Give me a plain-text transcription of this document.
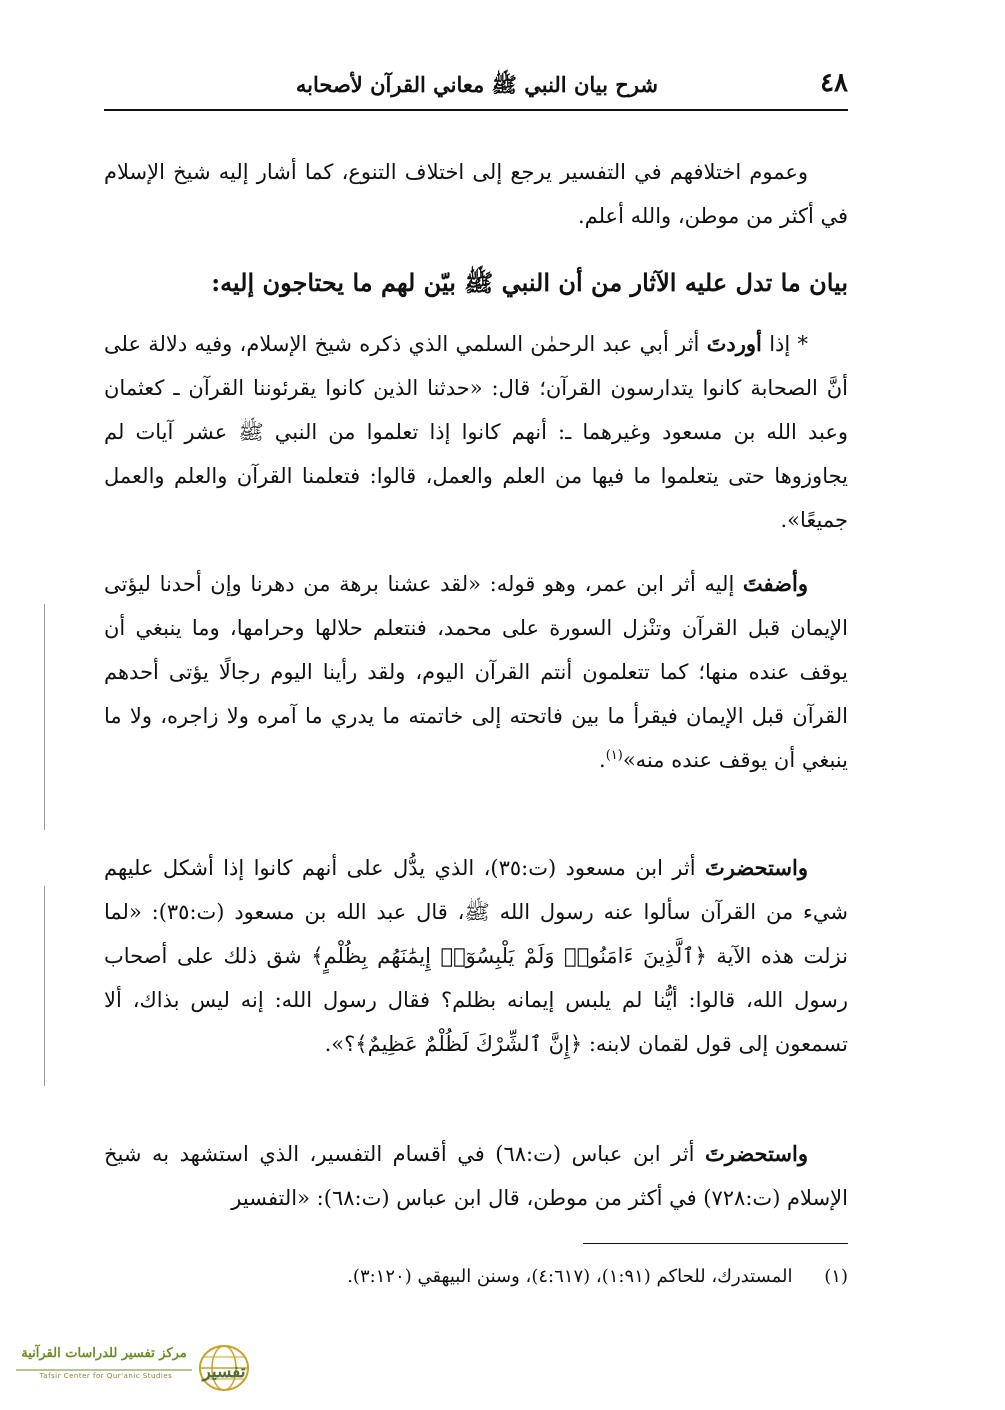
٤٨
شرح بيان النبي ﷺ معاني القرآن لأصحابه

وعموم اختلافهم في التفسير يرجع إلى اختلاف التنوع، كما أشار إليه شيخ الإسلام في أكثر من موطن، والله أعلم.

بيان ما تدل عليه الآثار من أن النبي ﷺ بيّن لهم ما يحتاجون إليه:

* إذا أوردتَ أثر أبي عبد الرحمٰن السلمي الذي ذكره شيخ الإسلام، وفيه دلالة على أنَّ الصحابة كانوا يتدارسون القرآن؛ قال: «حدثنا الذين كانوا يقرئوننا القرآن ـ كعثمان وعبد الله بن مسعود وغيرهما ـ: أنهم كانوا إذا تعلموا من النبي ﷺ عشر آيات لم يجاوزوها حتى يتعلموا ما فيها من العلم والعمل، قالوا: فتعلمنا القرآن والعلم والعمل جميعًا».

وأضفتَ إليه أثر ابن عمر، وهو قوله: «لقد عشنا برهة من دهرنا وإن أحدنا ليؤتى الإيمان قبل القرآن وتنْزل السورة على محمد، فنتعلم حلالها وحرامها، وما ينبغي أن يوقف عنده منها؛ كما تتعلمون أنتم القرآن اليوم، ولقد رأينا اليوم رجالًا يؤتى أحدهم القرآن قبل الإيمان فيقرأ ما بين فاتحته إلى خاتمته ما يدري ما آمره ولا زاجره، ولا ما ينبغي أن يوقف عنده منه»$^{(١)}$.

واستحضرتَ أثر ابن مسعود (ت:٣٥)، الذي يدُّل على أنهم كانوا إذا أشكل عليهم شيء من القرآن سألوا عنه رسول الله ﷺ، قال عبد الله بن مسعود (ت:٣٥): «لما نزلت هذه الآية ﴿ٱلَّذِينَ ءَامَنُوا۟ وَلَمْ يَلْبِسُوٓا۟ إِيمَٰنَهُم بِظُلْمٍ﴾ شق ذلك على أصحاب رسول الله، قالوا: أيُّنا لم يلبس إيمانه بظلم؟ فقال رسول الله: إنه ليس بذاك، ألا تسمعون إلى قول لقمان لابنه: ﴿إِنَّ ٱلشِّرْكَ لَظُلْمٌ عَظِيمٌ﴾؟».

واستحضرتَ أثر ابن عباس (ت:٦٨) في أقسام التفسير، الذي استشهد به شيخ الإسلام (ت:٧٢٨) في أكثر من موطن، قال ابن عباس (ت:٦٨): «التفسير

(١) المستدرك، للحاكم (١:٩١)، (٤:٦١٧)، وسنن البيهقي (٣:١٢٠).
مركز تفسير للدراسات القرآنية
Tafsir Center for Qur'anic Studies	تفسير
